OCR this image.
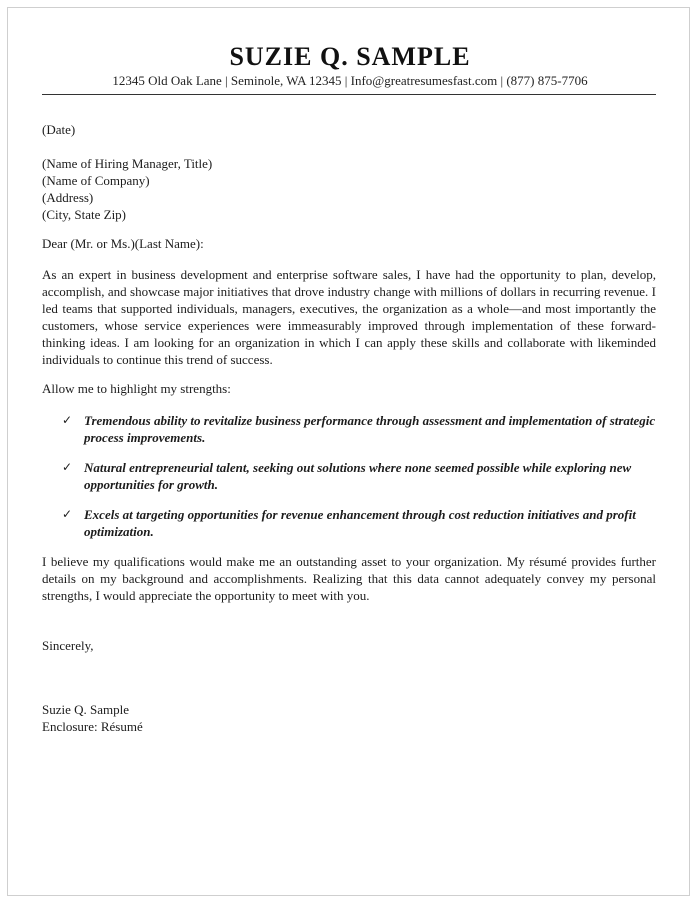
SUZIE Q. SAMPLE
12345 Old Oak Lane | Seminole, WA 12345 | Info@greatresumesfast.com | (877) 875-7706
(Date)
(Name of Hiring Manager, Title)
(Name of Company)
(Address)
(City, State Zip)
Dear (Mr. or Ms.)(Last Name):
As an expert in business development and enterprise software sales, I have had the opportunity to plan, develop, accomplish, and showcase major initiatives that drove industry change with millions of dollars in recurring revenue. I led teams that supported individuals, managers, executives, the organization as a whole—and most importantly the customers, whose service experiences were immeasurably improved through implementation of these forward-thinking ideas. I am looking for an organization in which I can apply these skills and collaborate with likeminded individuals to continue this trend of success.
Allow me to highlight my strengths:
✓ Tremendous ability to revitalize business performance through assessment and implementation of strategic process improvements.
✓ Natural entrepreneurial talent, seeking out solutions where none seemed possible while exploring new opportunities for growth.
✓ Excels at targeting opportunities for revenue enhancement through cost reduction initiatives and profit optimization.
I believe my qualifications would make me an outstanding asset to your organization. My résumé provides further details on my background and accomplishments. Realizing that this data cannot adequately convey my personal strengths, I would appreciate the opportunity to meet with you.
Sincerely,
Suzie Q. Sample
Enclosure: Résumé
